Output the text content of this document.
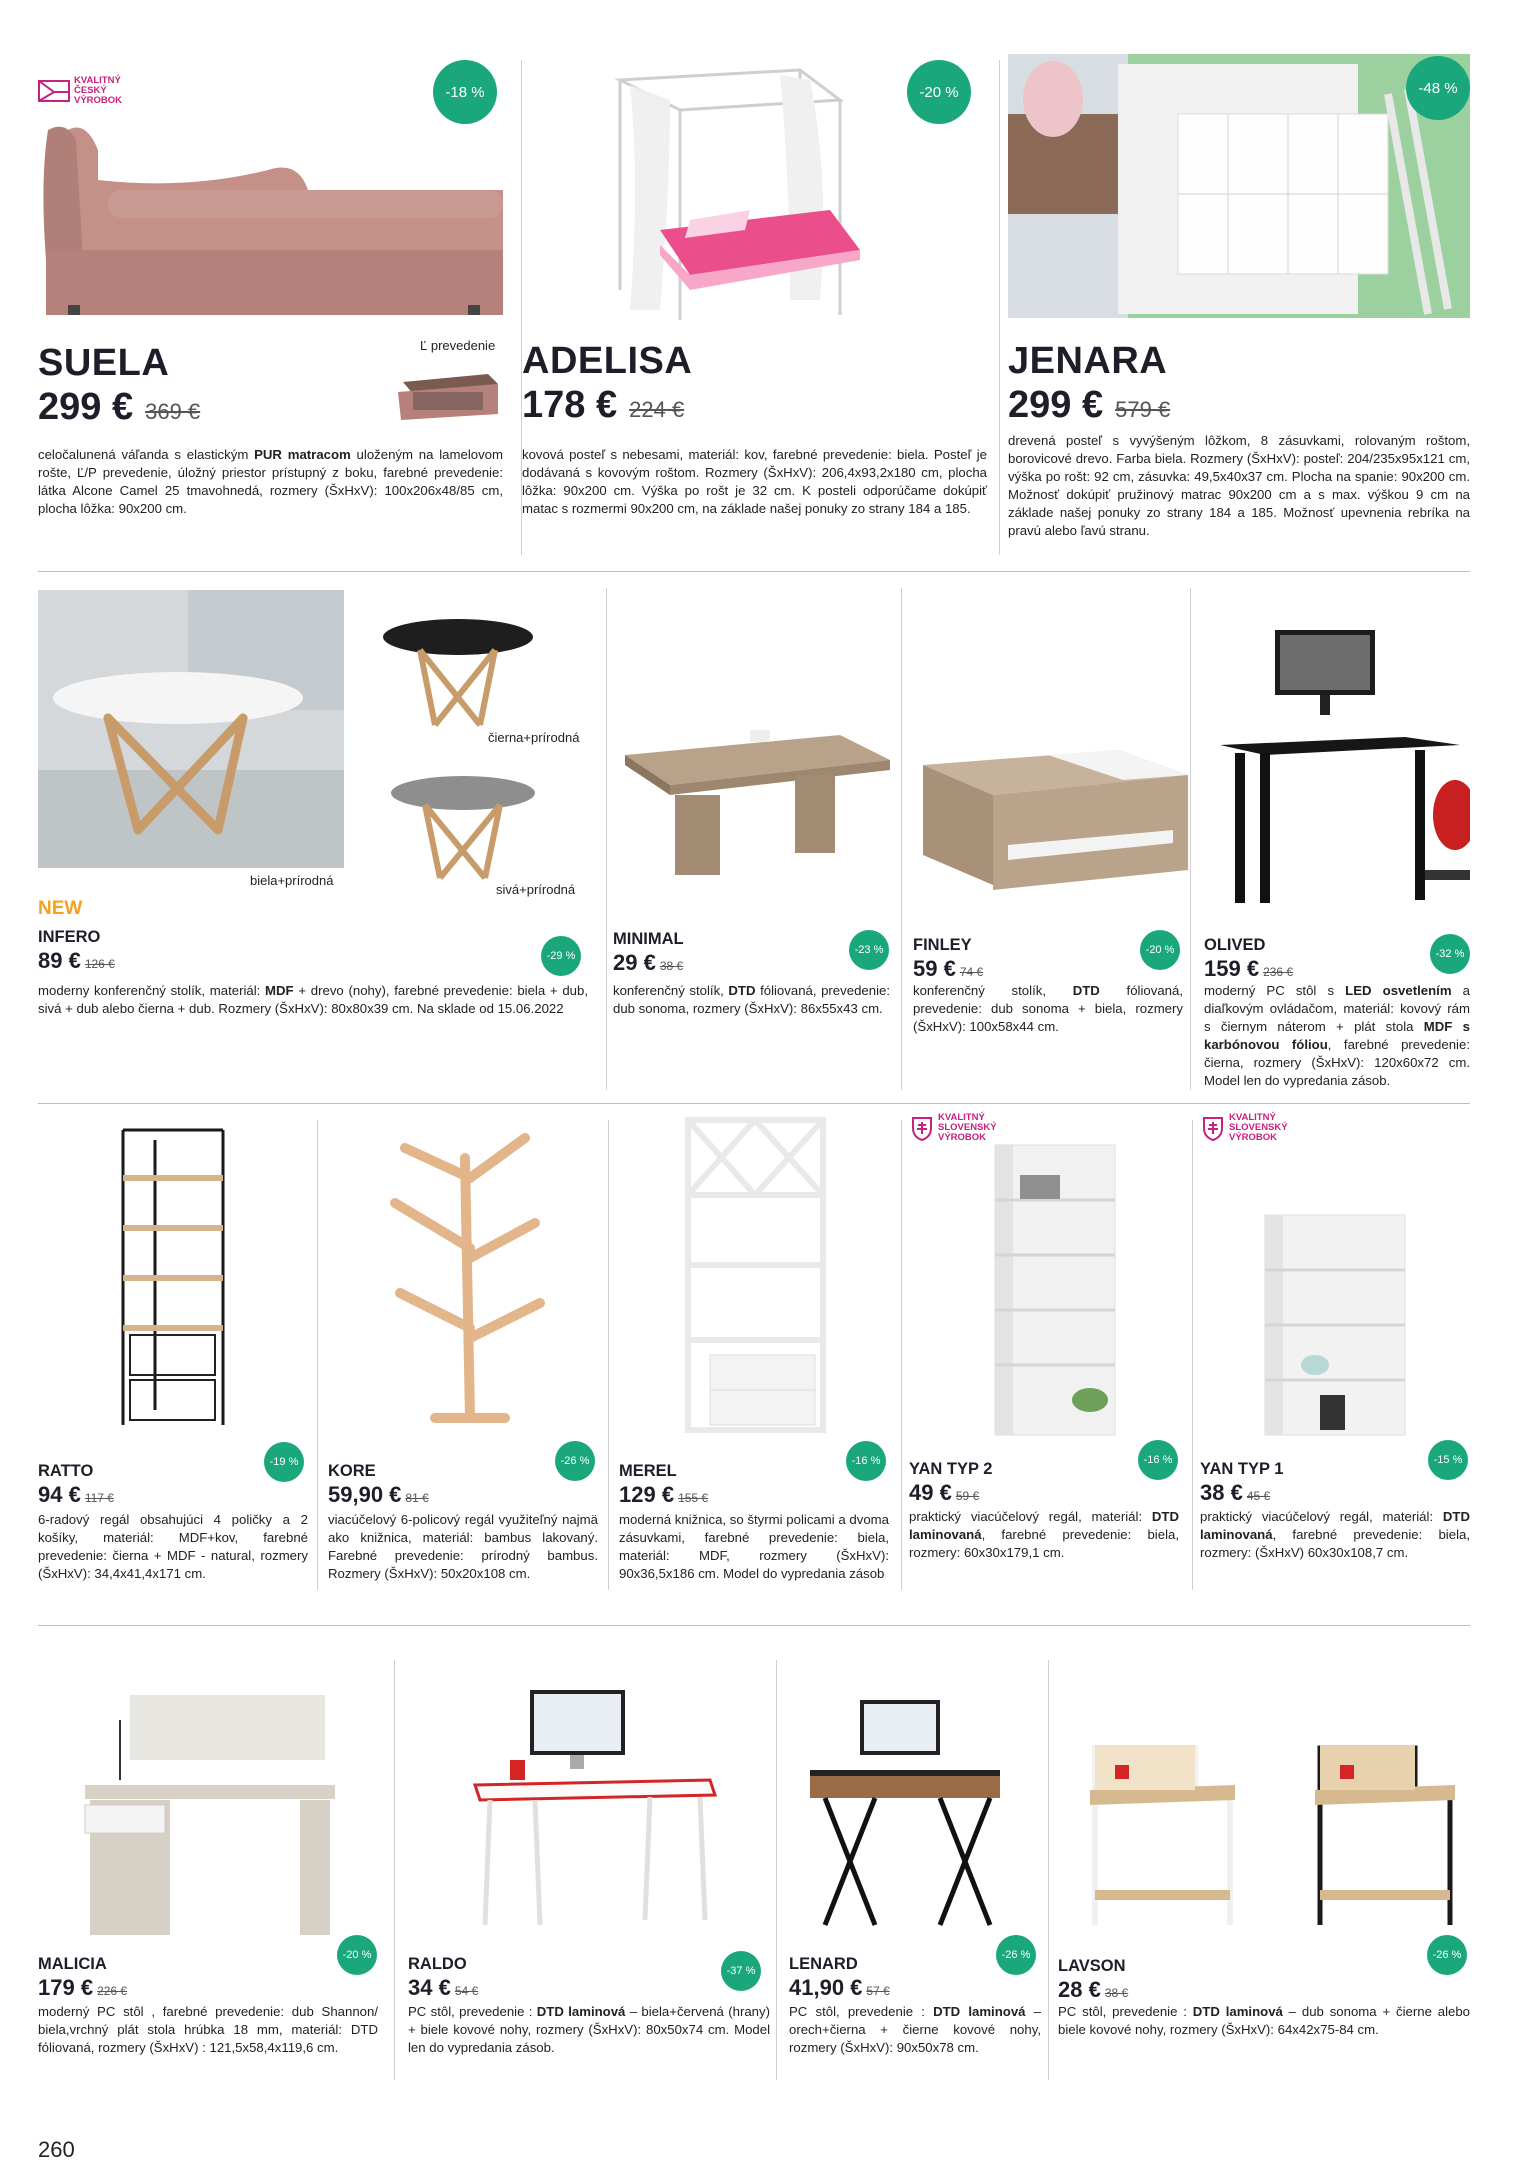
KVALITNÝ
ČESKÝ
VÝROBOK	-18 %
Ľ prevedenie
SUELA
299 € 369 €
celočalunená váľanda s elastickým PUR matracom uloženým na lamelovom rošte, Ľ/P prevedenie, úložný priestor prístupný z boku, farebné prevedenie: látka Alcone Camel 25 tmavohnedá, rozmery (ŠxHxV): 100x206x48/85 cm, plocha lôžka: 90x200 cm.
-20 %
ADELISA
178 € 224 €
kovová posteľ s nebesami, materiál: kov, farebné prevedenie: biela. Posteľ je dodávaná s kovovým roštom. Rozmery (ŠxHxV): 206,4x93,2x180 cm, plocha lôžka: 90x200 cm. Výška po rošt je 32 cm. K posteli odporúčame dokúpiť matac s rozmermi 90x200 cm, na základe našej ponuky zo strany 184 a 185.
-48 %
JENARA
299 € 579 €
drevená posteľ s vyvýšeným lôžkom, 8 zásuvkami, rolovaným roštom, borovicové drevo. Farba biela. Rozmery (ŠxHxV): posteľ: 204/235x95x121 cm, výška po rošt: 92 cm, zásuvka: 49,5x40x37 cm. Plocha na spanie: 90x200 cm. Možnosť dokúpiť pružinový matrac 90x200 cm a s max. výškou 9 cm na základe našej ponuky zo strany 184 a 185. Možnosť upevnenia rebríka na pravú alebo ľavú stranu.
biela+prírodná
čierna+prírodná
sivá+prírodná
NEW
INFERO
89 € 126 €
-29 %
moderny konferenčný stolík, materiál: MDF + drevo (nohy), farebné prevedenie: biela + dub, sivá + dub alebo čierna + dub. Rozmery (ŠxHxV): 80x80x39 cm. Na sklade od 15.06.2022
MINIMAL
29 € 38 €
-23 %
konferenčný stolík, DTD fóliovaná, prevedenie: dub sonoma, rozmery (ŠxHxV): 86x55x43 cm.
FINLEY
59 € 74 €
-20 %
konferenčný stolík, DTD fóliovaná, prevedenie: dub sonoma + biela, rozmery (ŠxHxV): 100x58x44 cm.
OLIVED
159 € 236 €
-32 %
moderný PC stôl s LED osvetlením a diaľkovým ovládačom, materiál: kovový rám s čiernym náterom + plát stola MDF s karbónovou fóliou, farebné prevedenie: čierna, rozmery (ŠxHxV): 120x60x72 cm. Model len do vypredania zásob.
RATTO
94 € 117 €
-19 %
6-radový regál obsahujúci 4 poličky a 2 košíky, materiál: MDF+kov, farebné prevedenie: čierna + MDF - natural, rozmery (ŠxHxV): 34,4x41,4x171 cm.
KORE
59,90 € 81 €
-26 %
viacúčelový 6-policový regál využiteľný najmä ako knižnica, materiál: bambus lakovaný. Farebné prevedenie: prírodný bambus. Rozmery (ŠxHxV): 50x20x108 cm.
MEREL
129 € 155 €
-16 %
moderná knižnica, so štyrmi policami a dvoma zásuvkami, farebné prevedenie: biela, materiál: MDF, rozmery (ŠxHxV): 90x36,5x186 cm. Model do vypredania zásob
KVALITNÝ
SLOVENSKÝ
VÝROBOK
YAN TYP 2
49 € 59 €
-16 %
praktický viacúčelový regál, materiál: DTD laminovaná, farebné prevedenie: biela, rozmery: 60x30x179,1 cm.
KVALITNÝ
SLOVENSKÝ
VÝROBOK
YAN TYP 1
38 € 45 €
-15 %
praktický viacúčelový regál, materiál: DTD laminovaná, farebné prevedenie: biela, rozmery: (ŠxHxV) 60x30x108,7 cm.
MALICIA
179 € 226 €
-20 %
moderný PC stôl , farebné prevedenie: dub Shannon/ biela,vrchný plát stola hrúbka 18 mm, materiál: DTD fóliovaná, rozmery (ŠxHxV) : 121,5x58,4x119,6 cm.
RALDO
34 € 54 €
-37 %
PC stôl, prevedenie : DTD laminová – biela+červená (hrany) + biele kovové nohy, rozmery (ŠxHxV): 80x50x74 cm. Model len do vypredania zásob.
LENARD
41,90 € 57 €
-26 %
PC stôl, prevedenie : DTD laminová – orech+čierna + čierne kovové nohy, rozmery (ŠxHxV): 90x50x78 cm.
LAVSON
28 € 38 €
-26 %
PC stôl, prevedenie : DTD laminová – dub sonoma + čierne alebo biele kovové nohy, rozmery (ŠxHxV): 64x42x75-84 cm.
260
